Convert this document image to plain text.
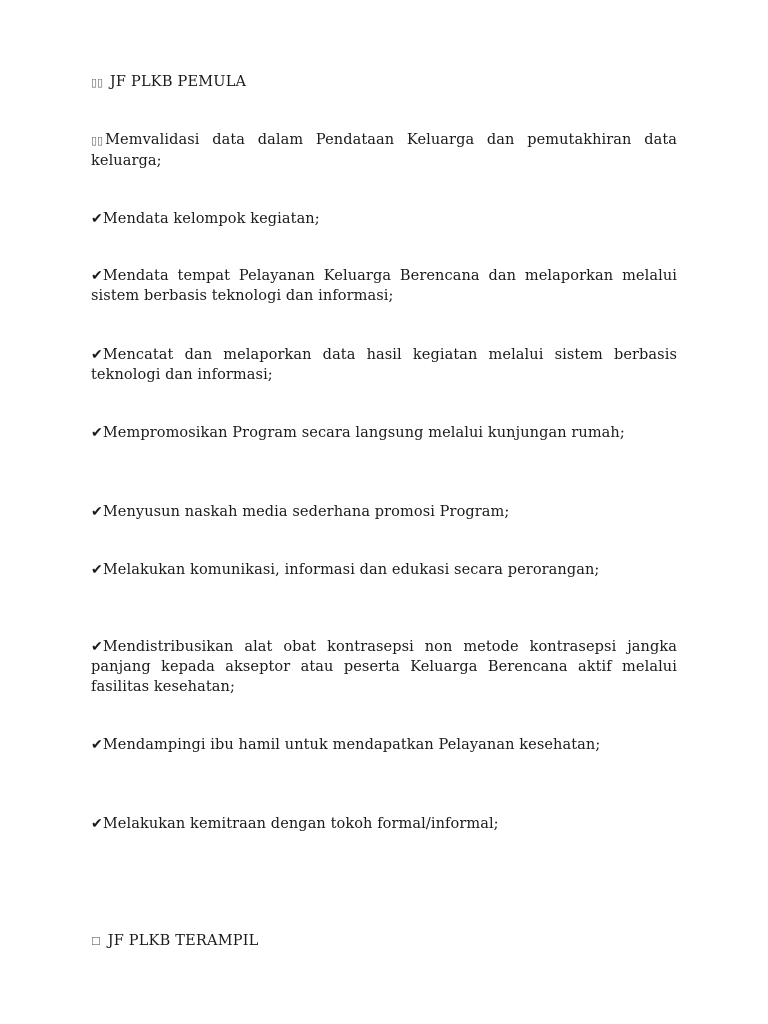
▯▯ JF PLKB PEMULA
▯▯ Memvalidasi data dalam Pendataan Keluarga dan pemutakhiran data keluarga;
✔Mendata kelompok kegiatan;
✔Mendata tempat Pelayanan Keluarga Berencana dan melaporkan melalui sistem berbasis teknologi dan informasi;
✔Mencatat dan melaporkan data hasil kegiatan melalui sistem berbasis teknologi dan informasi;
✔Mempromosikan Program secara langsung melalui kunjungan rumah;
✔Menyusun naskah media sederhana promosi Program;
✔Melakukan komunikasi, informasi dan edukasi secara perorangan;
✔Mendistribusikan alat obat kontrasepsi non metode kontrasepsi jangka panjang kepada akseptor atau peserta Keluarga Berencana aktif melalui fasilitas kesehatan;
✔Mendampingi ibu hamil untuk mendapatkan Pelayanan kesehatan;
✔Melakukan kemitraan dengan tokoh formal/informal;
☐ JF PLKB TERAMPIL
